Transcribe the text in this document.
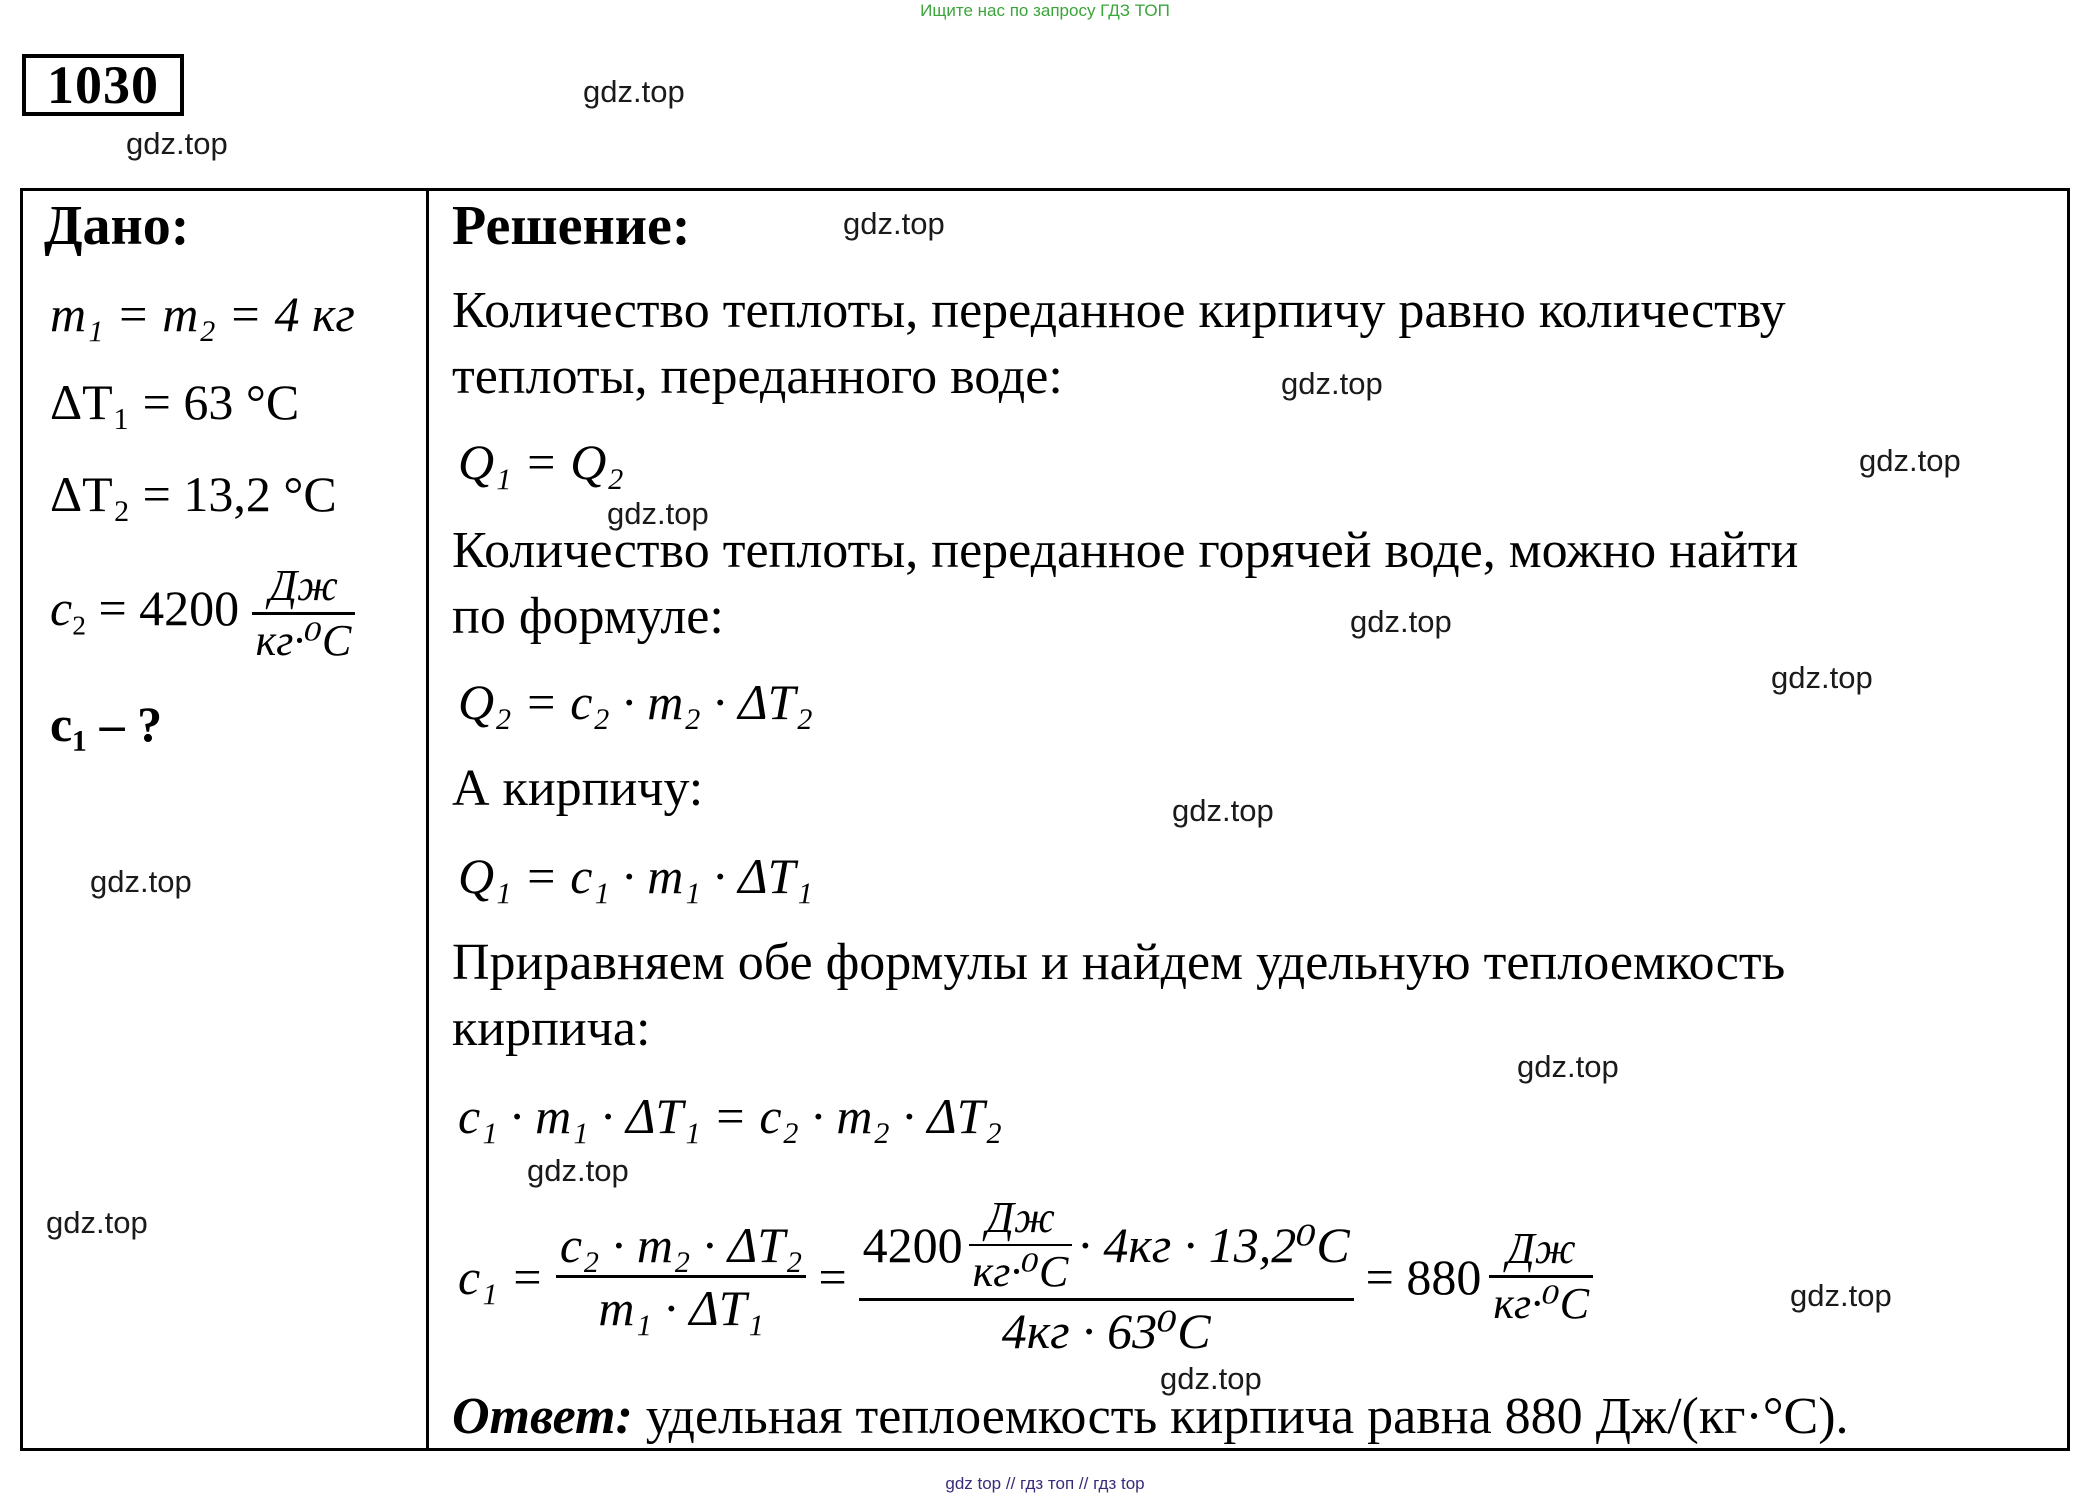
Ищите нас по запросу ГДЗ ТОП
1030	gdz.top
gdz.top
gdz.top
gdz.top
gdz.top
gdz.top
gdz.top
gdz.top
gdz.top
gdz.top
gdz.top
gdz.top
gdz.top
gdz.top
gdz.top
Дано:
m₁ = m₂ = 4 кг
ΔT₁ = 63 °C
ΔT₂ = 13,2 °C
$c_2 = 4200 \frac{Дж}{\text{кг·⁰C}}$
c₁ – ?
Решение:
Количество теплоты, переданное кирпичу равно количеству
теплоты, переданного воде:
Q₁ = Q₂
Количество теплоты, переданное горячей воде, можно найти
по формуле:
Q₂ = c₂ · m₂ · ΔT₂
А кирпичу:
Q₁ = c₁ · m₁ · ΔT₁
Приравняем обе формулы и найдем удельную теплоемкость
кирпича:
c₁ · m₁ · ΔT₁ = c₂ · m₂ · ΔT₂
$c_1 = \frac{\text{c₂ · m₂ · ΔT₂}}{\text{m₁ · ΔT₁}}$ =
$4200 \frac{Дж}{\text{кг·⁰C}} \cdot 4кг \cdot 13,2^0C$
4кг · 63⁰C
= $880 \frac{Дж}{\text{кг·⁰C}}$
Ответ: удельная теплоемкость кирпича равна 880 Дж/(кг·°C).
gdz top // гдз топ // гдз top
